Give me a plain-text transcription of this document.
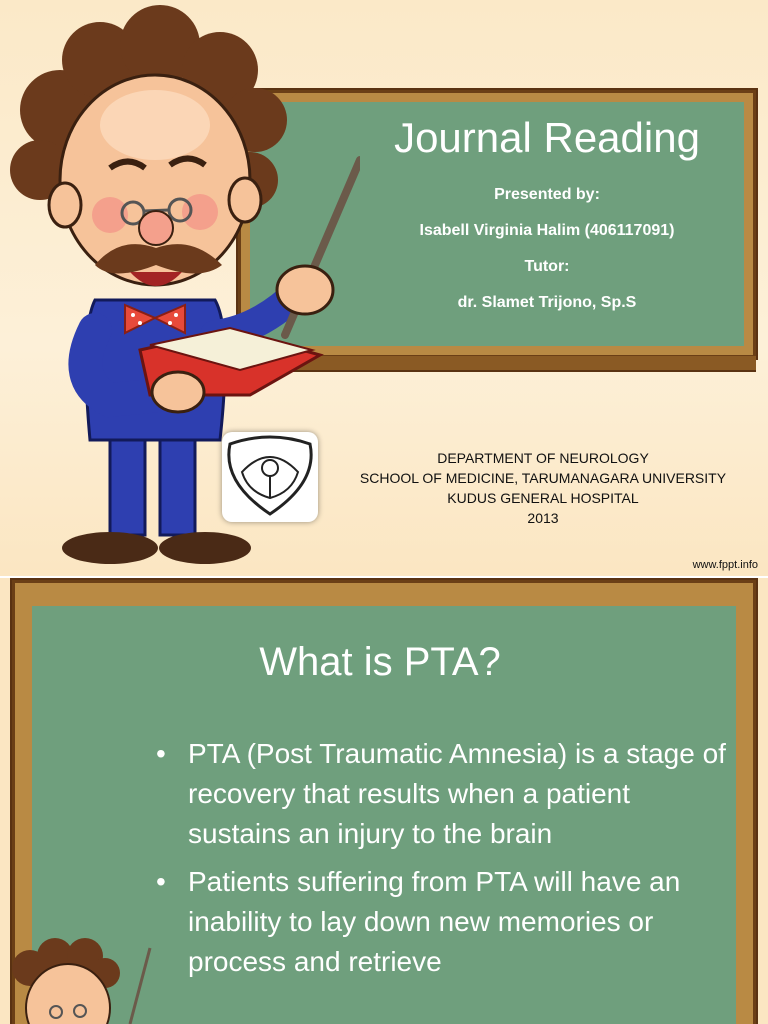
Journal Reading
Presented by:
Isabell Virginia Halim (406117091)
Tutor:
dr. Slamet Trijono, Sp.S
DEPARTMENT OF NEUROLOGY
SCHOOL OF MEDICINE, TARUMANAGARA UNIVERSITY
KUDUS GENERAL HOSPITAL
2013
www.fppt.info
What is PTA?
• PTA (Post Traumatic Amnesia) is a stage of recovery that results when a patient sustains an injury to the brain
• Patients suffering from PTA will have an inability to lay down new memories or process and retrieve
